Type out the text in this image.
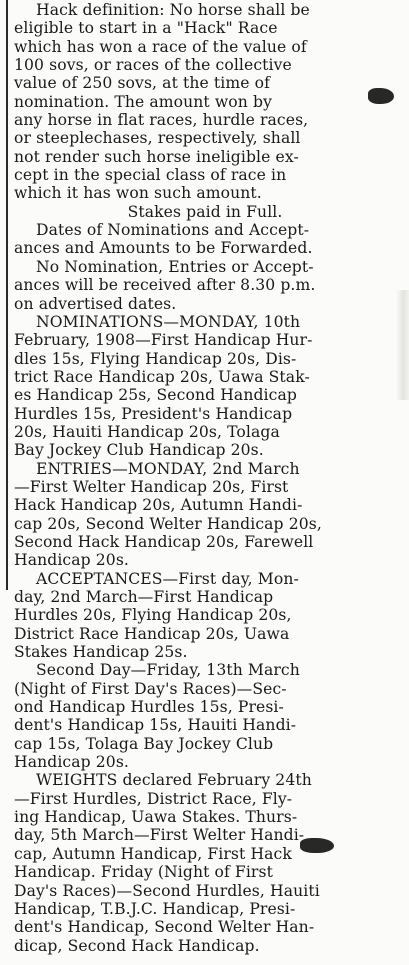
Hack definition: No horse shall be
eligible to start in a "Hack" Race
which has won a race of the value of
100 sovs, or races of the collective
value of 250 sovs, at the time of
nomination. The amount won by
any horse in flat races, hurdle races,
or steeplechases, respectively, shall
not render such horse ineligible ex-
cept in the special class of race in
which it has won such amount.
Stakes paid in Full.
Dates of Nominations and Accept-
ances and Amounts to be Forwarded.
No Nomination, Entries or Accept-
ances will be received after 8.30 p.m.
on advertised dates.
NOMINATIONS—MONDAY, 10th
February, 1908—First Handicap Hur-
dles 15s, Flying Handicap 20s, Dis-
trict Race Handicap 20s, Uawa Stak-
es Handicap 25s, Second Handicap
Hurdles 15s, President's Handicap
20s, Hauiti Handicap 20s, Tolaga
Bay Jockey Club Handicap 20s.
ENTRIES—MONDAY, 2nd March
—First Welter Handicap 20s, First
Hack Handicap 20s, Autumn Handi-
cap 20s, Second Welter Handicap 20s,
Second Hack Handicap 20s, Farewell
Handicap 20s.
ACCEPTANCES—First day, Mon-
day, 2nd March—First Handicap
Hurdles 20s, Flying Handicap 20s,
District Race Handicap 20s, Uawa
Stakes Handicap 25s.
Second Day—Friday, 13th March
(Night of First Day's Races)—Sec-
ond Handicap Hurdles 15s, Presi-
dent's Handicap 15s, Hauiti Handi-
cap 15s, Tolaga Bay Jockey Club
Handicap 20s.
WEIGHTS declared February 24th
—First Hurdles, District Race, Fly-
ing Handicap, Uawa Stakes. Thurs-
day, 5th March—First Welter Handi-
cap, Autumn Handicap, First Hack
Handicap. Friday (Night of First
Day's Races)—Second Hurdles, Hauiti
Handicap, T.B.J.C. Handicap, Presi-
dent's Handicap, Second Welter Han-
dicap, Second Hack Handicap.
